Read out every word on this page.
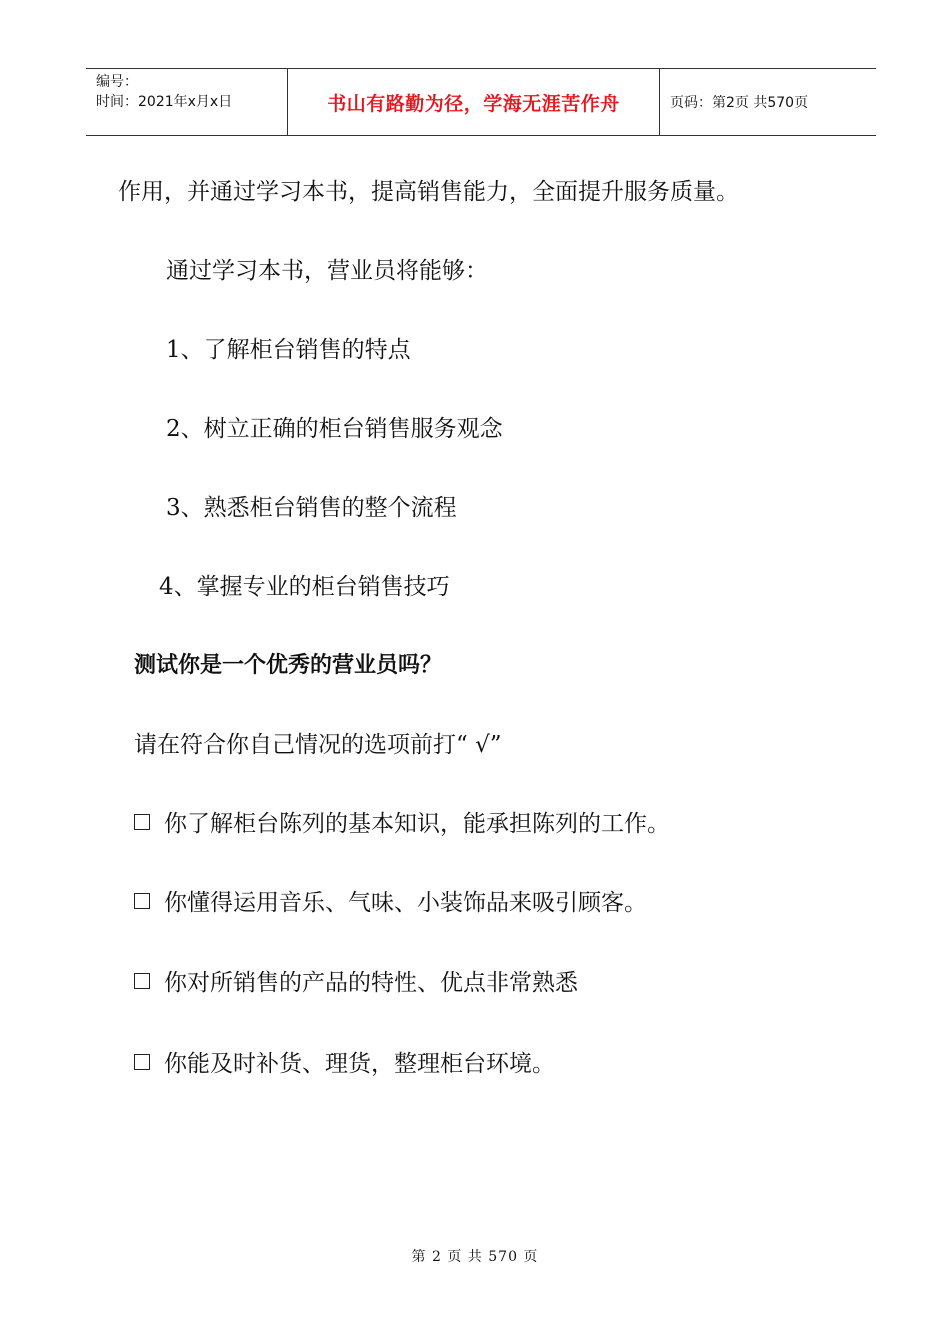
编号：
时间：2021年x月x日	书山有路勤为径，学海无涯苦作舟	页码：第2页 共570页
作用，并通过学习本书，提高销售能力，全面提升服务质量。
通过学习本书，营业员将能够：
1、了解柜台销售的特点
2、树立正确的柜台销售服务观念
3、熟悉柜台销售的整个流程
4、掌握专业的柜台销售技巧
测试你是一个优秀的营业员吗？
请在符合你自己情况的选项前打“ √”
你了解柜台陈列的基本知识，能承担陈列的工作。
你懂得运用音乐、气味、小装饰品来吸引顾客。
你对所销售的产品的特性、优点非常熟悉
你能及时补货、理货，整理柜台环境。
第 2 页 共 570 页
